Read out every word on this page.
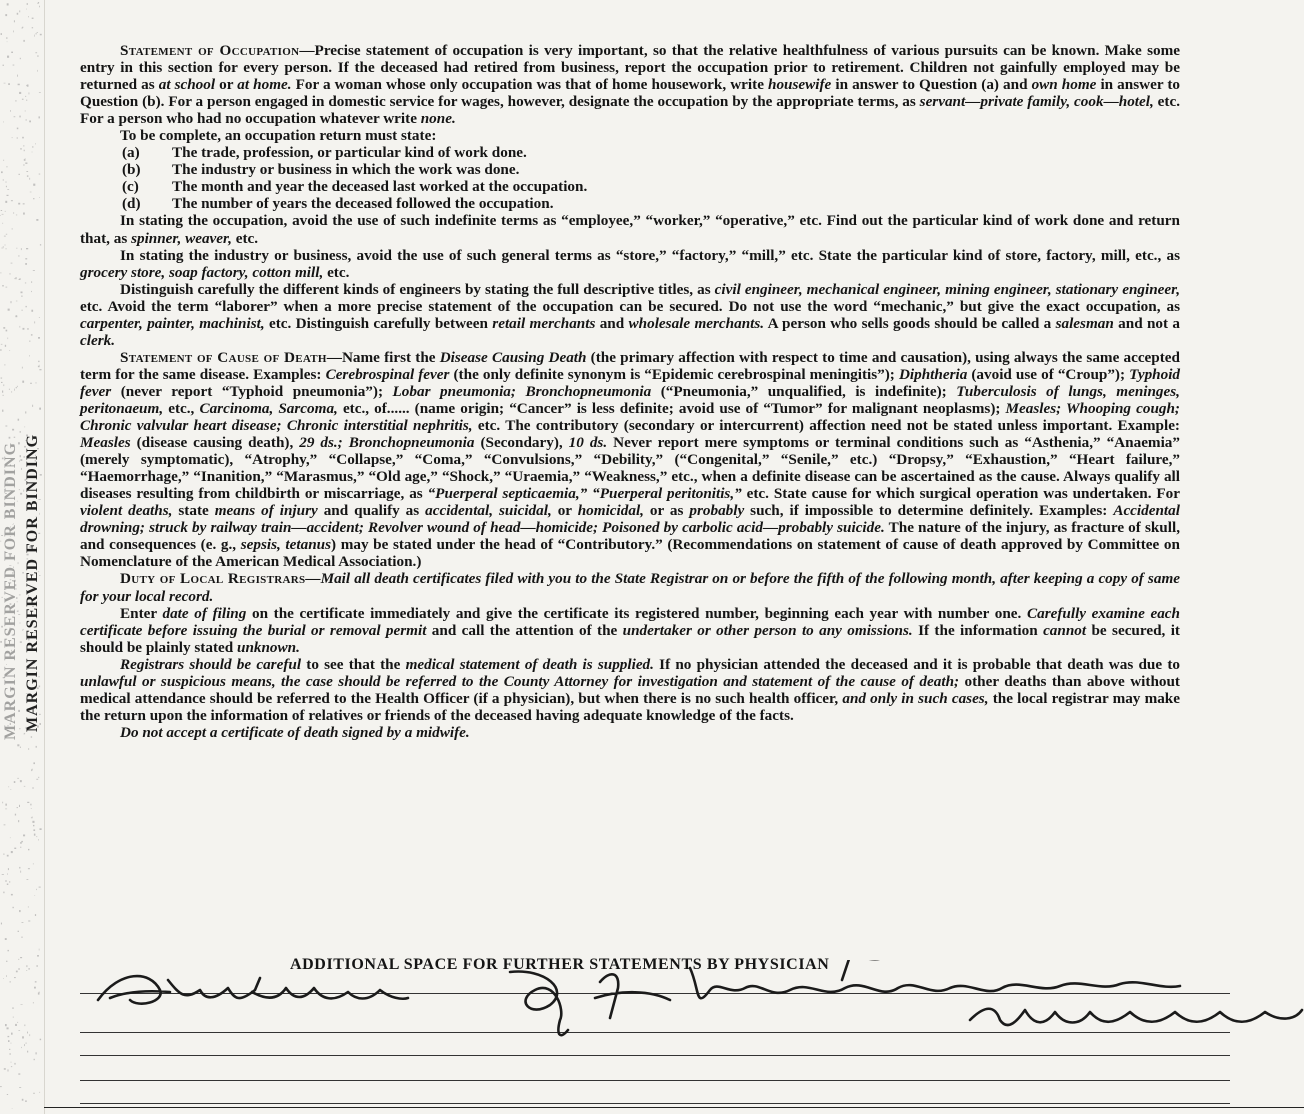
MARGIN RESERVED FOR BINDING MARGIN RESERVED FOR BINDING

Statement of Occupation—Precise statement of occupation is very important, so that the relative healthfulness of various pursuits can be known. Make some entry in this section for every person. If the deceased had retired from business, report the occupation prior to retirement. Children not gainfully employed may be returned as at school or at home. For a woman whose only occupation was that of home housework, write housewife in answer to Question (a) and own home in answer to Question (b). For a person engaged in domestic service for wages, however, designate the occupation by the appropriate terms, as servant—private family, cook—hotel, etc. For a person who had no occupation whatever write none.

To be complete, an occupation return must state:

(a) The trade, profession, or particular kind of work done.
(b) The industry or business in which the work was done.
(c) The month and year the deceased last worked at the occupation.
(d) The number of years the deceased followed the occupation.

In stating the occupation, avoid the use of such indefinite terms as “employee,” “worker,” “operative,” etc. Find out the particular kind of work done and return that, as spinner, weaver, etc.

In stating the industry or business, avoid the use of such general terms as “store,” “factory,” “mill,” etc. State the particular kind of store, factory, mill, etc., as grocery store, soap factory, cotton mill, etc.

Distinguish carefully the different kinds of engineers by stating the full descriptive titles, as civil engineer, mechanical engineer, mining engineer, stationary engineer, etc. Avoid the term “laborer” when a more precise statement of the occupation can be secured. Do not use the word “mechanic,” but give the exact occupation, as carpenter, painter, machinist, etc. Distinguish carefully between retail merchants and wholesale merchants. A person who sells goods should be called a salesman and not a clerk.

Statement of Cause of Death—Name first the Disease Causing Death (the primary affection with respect to time and causation), using always the same accepted term for the same disease. Examples: Cerebrospinal fever (the only definite synonym is “Epidemic cerebrospinal meningitis”); Diphtheria (avoid use of “Croup”); Typhoid fever (never report “Typhoid pneumonia”); Lobar pneumonia; Bronchopneumonia (“Pneumonia,” unqualified, is indefinite); Tuberculosis of lungs, meninges, peritonaeum, etc., Carcinoma, Sarcoma, etc., of...... (name origin; “Cancer” is less definite; avoid use of “Tumor” for malignant neoplasms); Measles; Whooping cough; Chronic valvular heart disease; Chronic interstitial nephritis, etc. The contributory (secondary or intercurrent) affection need not be stated unless important. Example: Measles (disease causing death), 29 ds.; Bronchopneumonia (Secondary), 10 ds. Never report mere symptoms or terminal conditions such as “Asthenia,” “Anaemia” (merely symptomatic), “Atrophy,” “Collapse,” “Coma,” “Convulsions,” “Debility,” (“Congenital,” “Senile,” etc.) “Dropsy,” “Exhaustion,” “Heart failure,” “Haemorrhage,” “Inanition,” “Marasmus,” “Old age,” “Shock,” “Uraemia,” “Weakness,” etc., when a definite disease can be ascertained as the cause. Always qualify all diseases resulting from childbirth or miscarriage, as “Puerperal septicaemia,” “Puerperal peritonitis,” etc. State cause for which surgical operation was undertaken. For violent deaths, state means of injury and qualify as accidental, suicidal, or homicidal, or as probably such, if impossible to determine definitely. Examples: Accidental drowning; struck by railway train—accident; Revolver wound of head—homicide; Poisoned by carbolic acid—probably suicide. The nature of the injury, as fracture of skull, and consequences (e. g., sepsis, tetanus) may be stated under the head of “Contributory.” (Recommendations on statement of cause of death approved by Committee on Nomenclature of the American Medical Association.)

Duty of Local Registrars—Mail all death certificates filed with you to the State Registrar on or before the fifth of the following month, after keeping a copy of same for your local record.

Enter date of filing on the certificate immediately and give the certificate its registered number, beginning each year with number one. Carefully examine each certificate before issuing the burial or removal permit and call the attention of the undertaker or other person to any omissions. If the information cannot be secured, it should be plainly stated unknown.

Registrars should be careful to see that the medical statement of death is supplied. If no physician attended the deceased and it is probable that death was due to unlawful or suspicious means, the case should be referred to the County Attorney for investigation and statement of the cause of death; other deaths than above without medical attendance should be referred to the Health Officer (if a physician), but when there is no such health officer, and only in such cases, the local registrar may make the return upon the information of relatives or friends of the deceased having adequate knowledge of the facts.

Do not accept a certificate of death signed by a midwife.

ADDITIONAL SPACE FOR FURTHER STATEMENTS BY PHYSICIAN
